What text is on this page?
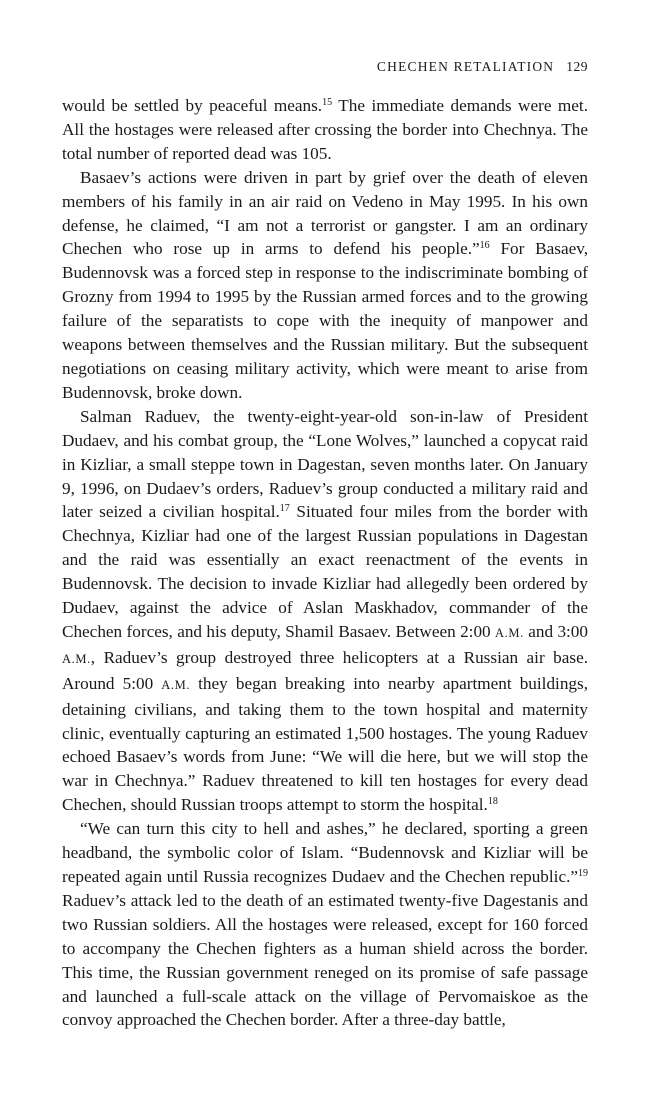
CHECHEN RETALIATION 129

would be settled by peaceful means.$^{15}$ The immediate demands were met. All the hostages were released after crossing the border into Chechnya. The total number of reported dead was 105.

Basaev’s actions were driven in part by grief over the death of eleven members of his family in an air raid on Vedeno in May 1995. In his own defense, he claimed, “I am not a terrorist or gangster. I am an ordinary Chechen who rose up in arms to defend his people.”$^{16}$ For Basaev, Budennovsk was a forced step in response to the indiscriminate bombing of Grozny from 1994 to 1995 by the Russian armed forces and to the growing failure of the separatists to cope with the inequity of manpower and weapons between themselves and the Russian military. But the subsequent negotiations on ceasing military activity, which were meant to arise from Budennovsk, broke down.

Salman Raduev, the twenty-eight-year-old son-in-law of President Dudaev, and his combat group, the “Lone Wolves,” launched a copycat raid in Kizliar, a small steppe town in Dagestan, seven months later. On January 9, 1996, on Dudaev’s orders, Raduev’s group conducted a military raid and later seized a civilian hospital.$^{17}$ Situated four miles from the border with Chechnya, Kizliar had one of the largest Russian populations in Dagestan and the raid was essentially an exact reenactment of the events in Budennovsk. The decision to invade Kizliar had allegedly been ordered by Dudaev, against the advice of Aslan Maskhadov, commander of the Chechen forces, and his deputy, Shamil Basaev. Between 2:00 A.M. and 3:00 A.M., Raduev’s group destroyed three helicopters at a Russian air base. Around 5:00 A.M. they began breaking into nearby apartment buildings, detaining civilians, and taking them to the town hospital and maternity clinic, eventually capturing an estimated 1,500 hostages. The young Raduev echoed Basaev’s words from June: “We will die here, but we will stop the war in Chechnya.” Raduev threatened to kill ten hostages for every dead Chechen, should Russian troops attempt to storm the hospital.$^{18}$

“We can turn this city to hell and ashes,” he declared, sporting a green headband, the symbolic color of Islam. “Budennovsk and Kizliar will be repeated again until Russia recognizes Dudaev and the Chechen republic.”$^{19}$ Raduev’s attack led to the death of an estimated twenty-five Dagestanis and two Russian soldiers. All the hostages were released, except for 160 forced to accompany the Chechen fighters as a human shield across the border. This time, the Russian government reneged on its promise of safe passage and launched a full-scale attack on the village of Pervomaiskoe as the convoy approached the Chechen border. After a three-day battle,
